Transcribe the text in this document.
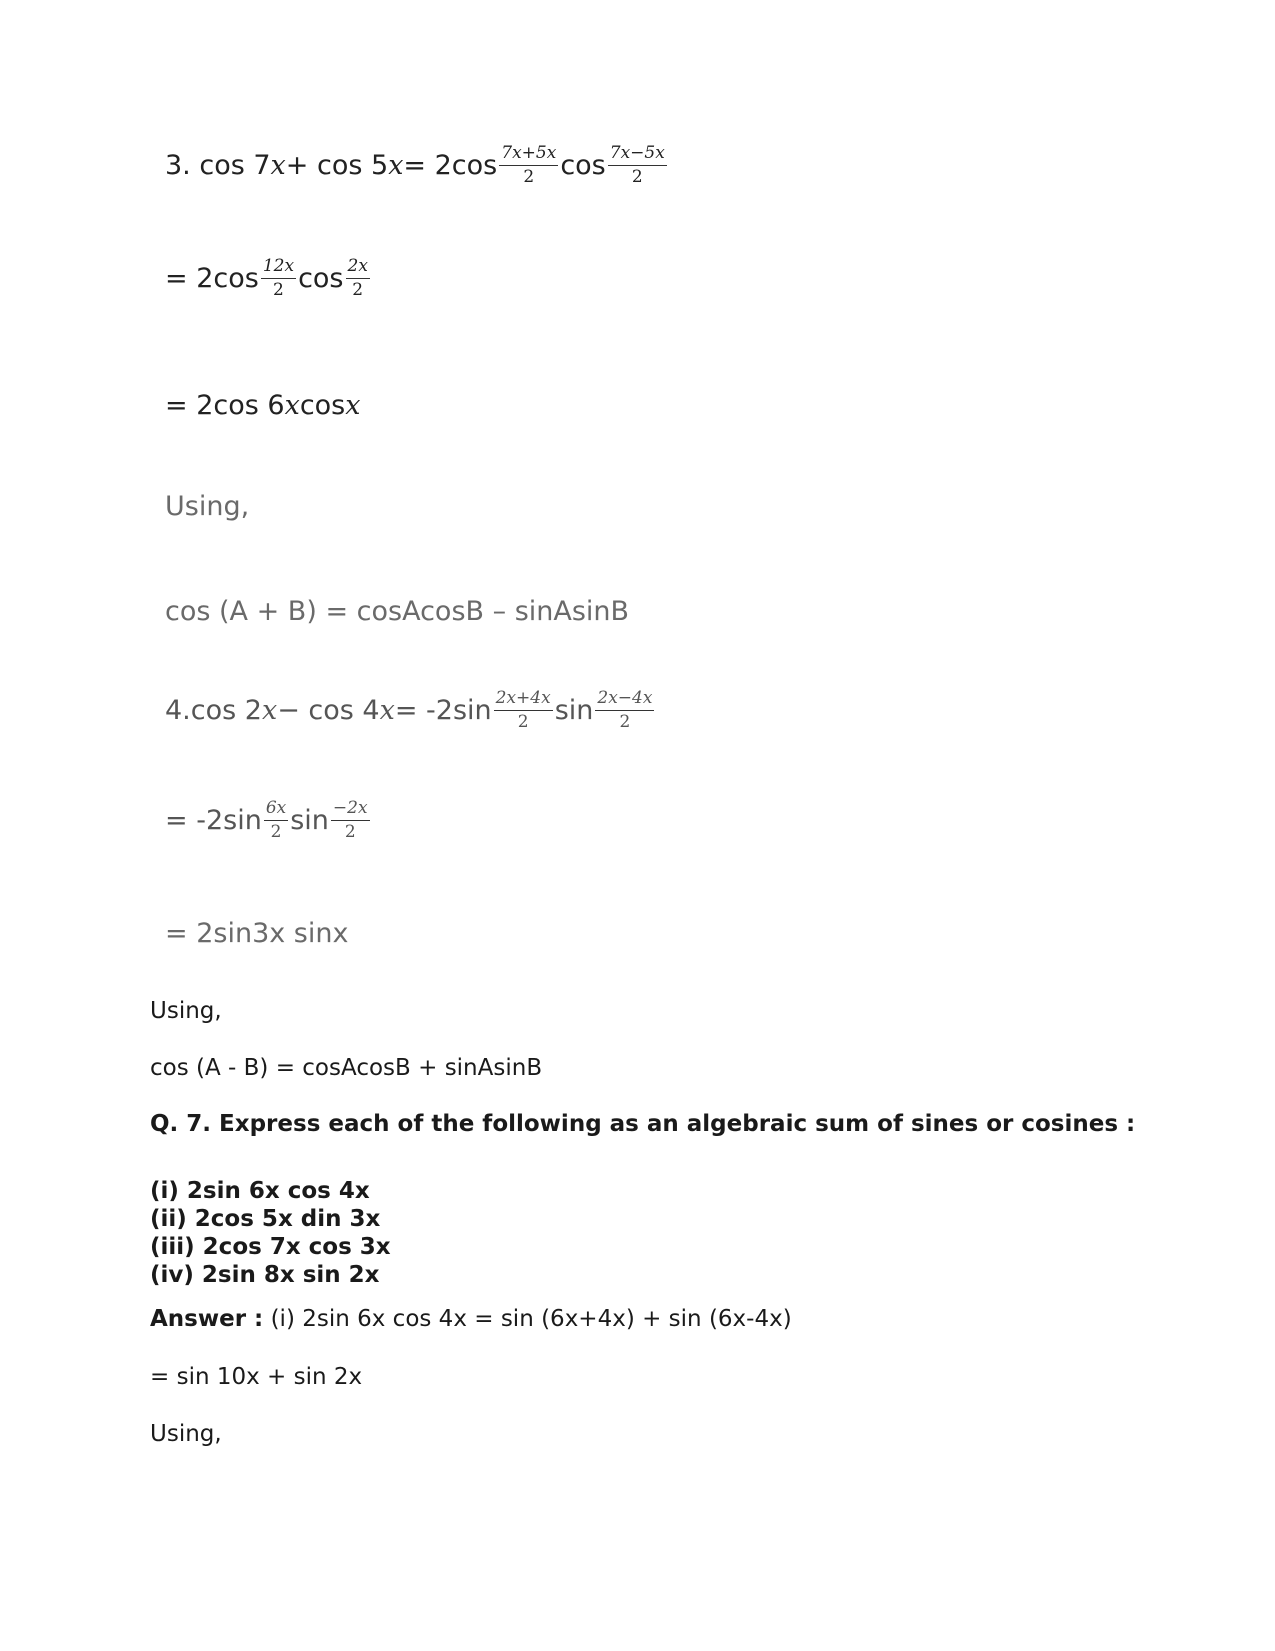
3. cos 7 x + cos 5 $x = 2\cos \frac{7x+5x}{2}$ $\cos \frac{7x-5x}{2}$
= $2\cos \frac{12x}{2}$ $\cos \frac{2x}{2}$
= 2cos 6 x cos x
Using,
cos (A + B) = cosAcosB – sinAsinB
4.cos 2 x − cos 4 $x = -2\sin \frac{2x+4x}{2}$ $\sin \frac{2x-4x}{2}$
= $-2\sin \frac{6x}{2}$ $\sin \frac{-2x}{2}$
= 2sin3x sinx
Using,
cos (A - B) = cosAcosB + sinAsinB
Q. 7. Express each of the following as an algebraic sum of sines or cosines :
(i) 2sin 6x cos 4x
(ii) 2cos 5x din 3x
(iii) 2cos 7x cos 3x
(iv) 2sin 8x sin 2x
Answer : (i) 2sin 6x cos 4x = sin (6x+4x) + sin (6x-4x)
= sin 10x + sin 2x
Using,
